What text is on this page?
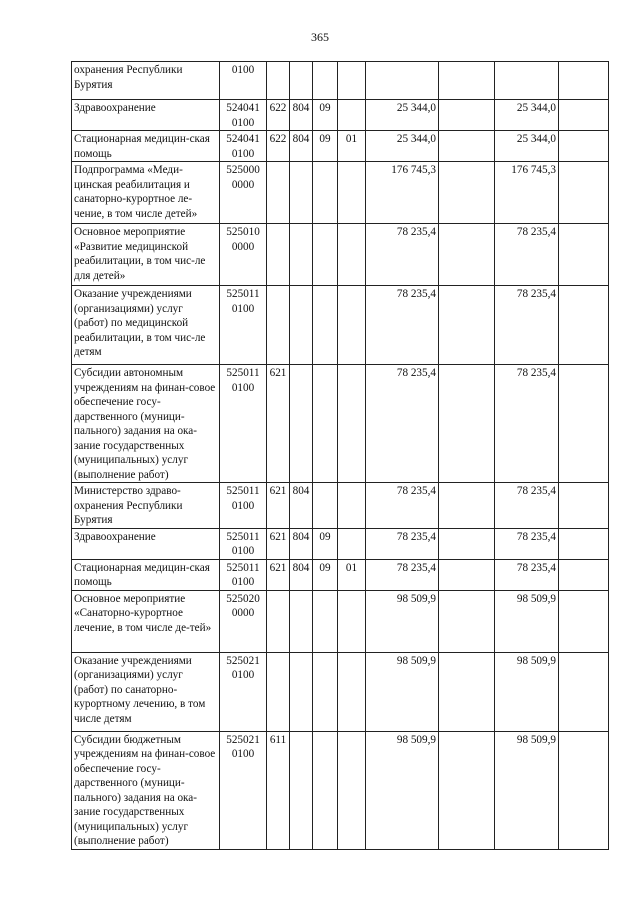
365
охранения Республики Бурятия	0100								
Здравоохранение	524041 0100	622	804	09		25 344,0		25 344,0	
Стационарная медицин-ская помощь	524041 0100	622	804	09	01	25 344,0		25 344,0	
Подпрограмма «Меди-цинская реабилитация и санаторно-курортное ле-чение, в том числе детей»	525000 0000					176 745,3		176 745,3	
Основное мероприятие «Развитие медицинской реабилитации, в том чис-ле для детей»	525010 0000					78 235,4		78 235,4	
Оказание учреждениями (организациями) услуг (работ) по медицинской реабилитации, в том чис-ле детям	525011 0100					78 235,4		78 235,4	
Субсидии автономным учреждениям на финан-совое обеспечение госу-дарственного (муници-пального) задания на ока-зание государственных (муниципальных) услуг (выполнение работ)	525011 0100	621				78 235,4		78 235,4	
Министерство здраво-охранения Республики Бурятия	525011 0100	621	804			78 235,4		78 235,4	
Здравоохранение	525011 0100	621	804	09		78 235,4		78 235,4	
Стационарная медицин-ская помощь	525011 0100	621	804	09	01	78 235,4		78 235,4	
Основное мероприятие «Санаторно-курортное лечение, в том числе де-тей»	525020 0000					98 509,9		98 509,9	
Оказание учреждениями (организациями) услуг (работ) по санаторно-курортному лечению, в том числе детям	525021 0100					98 509,9		98 509,9	
Субсидии бюджетным учреждениям на финан-совое обеспечение госу-дарственного (муници-пального) задания на ока-зание государственных (муниципальных) услуг (выполнение работ)	525021 0100	611				98 509,9		98 509,9	
